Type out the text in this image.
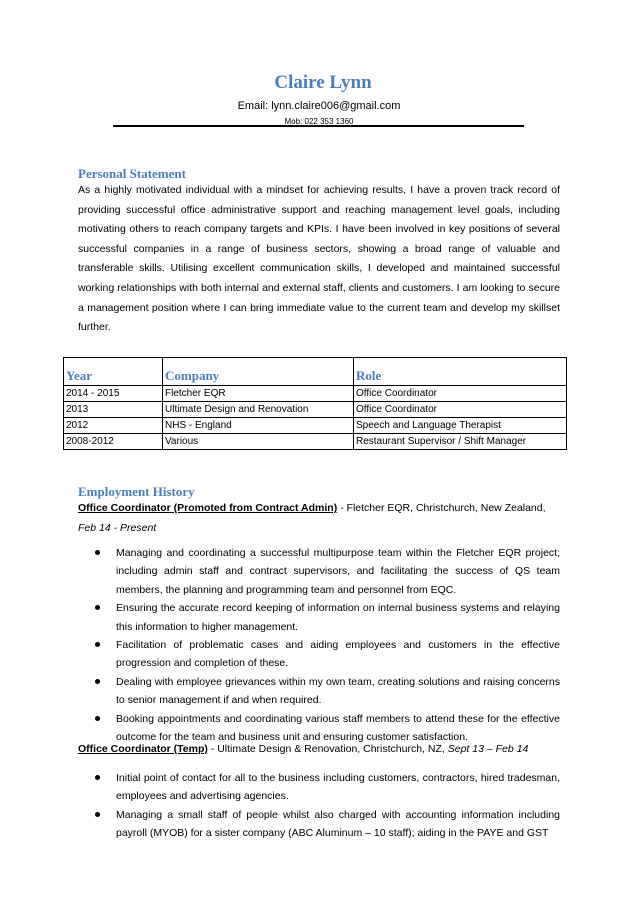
Claire Lynn
Email: lynn.claire006@gmail.com
Mob: 022 353 1360
Personal Statement
As a highly motivated individual with a mindset for achieving results, I have a proven track record of providing successful office administrative support and reaching management level goals, including motivating others to reach company targets and KPIs. I have been involved in key positions of several successful companies in a range of business sectors, showing a broad range of valuable and transferable skills. Utilising excellent communication skills, I developed and maintained successful working relationships with both internal and external staff, clients and customers. I am looking to secure a management position where I can bring immediate value to the current team and develop my skillset further.
Year	Company	Role
2014 - 2015	Fletcher EQR	Office Coordinator
2013	Ultimate Design and Renovation	Office Coordinator
2012	NHS - England	Speech and Language Therapist
2008-2012	Various	Restaurant Supervisor / Shift Manager
Employment History
Office Coordinator (Promoted from Contract Admin) - Fletcher EQR, Christchurch, New Zealand,
Feb 14 - Present
Managing and coordinating a successful multipurpose team within the Fletcher EQR project; including admin staff and contract supervisors, and facilitating the success of QS team members, the planning and programming team and personnel from EQC.
Ensuring the accurate record keeping of information on internal business systems and relaying this information to higher management.
Facilitation of problematic cases and aiding employees and customers in the effective progression and completion of these.
Dealing with employee grievances within my own team, creating solutions and raising concerns to senior management if and when required.
Booking appointments and coordinating various staff members to attend these for the effective outcome for the team and business unit and ensuring customer satisfaction.
Office Coordinator (Temp) - Ultimate Design & Renovation, Christchurch, NZ, Sept 13 – Feb 14
Initial point of contact for all to the business including customers, contractors, hired tradesman, employees and advertising agencies.
Managing a small staff of people whilst also charged with accounting information including payroll (MYOB) for a sister company (ABC Aluminum – 10 staff); aiding in the PAYE and GST
